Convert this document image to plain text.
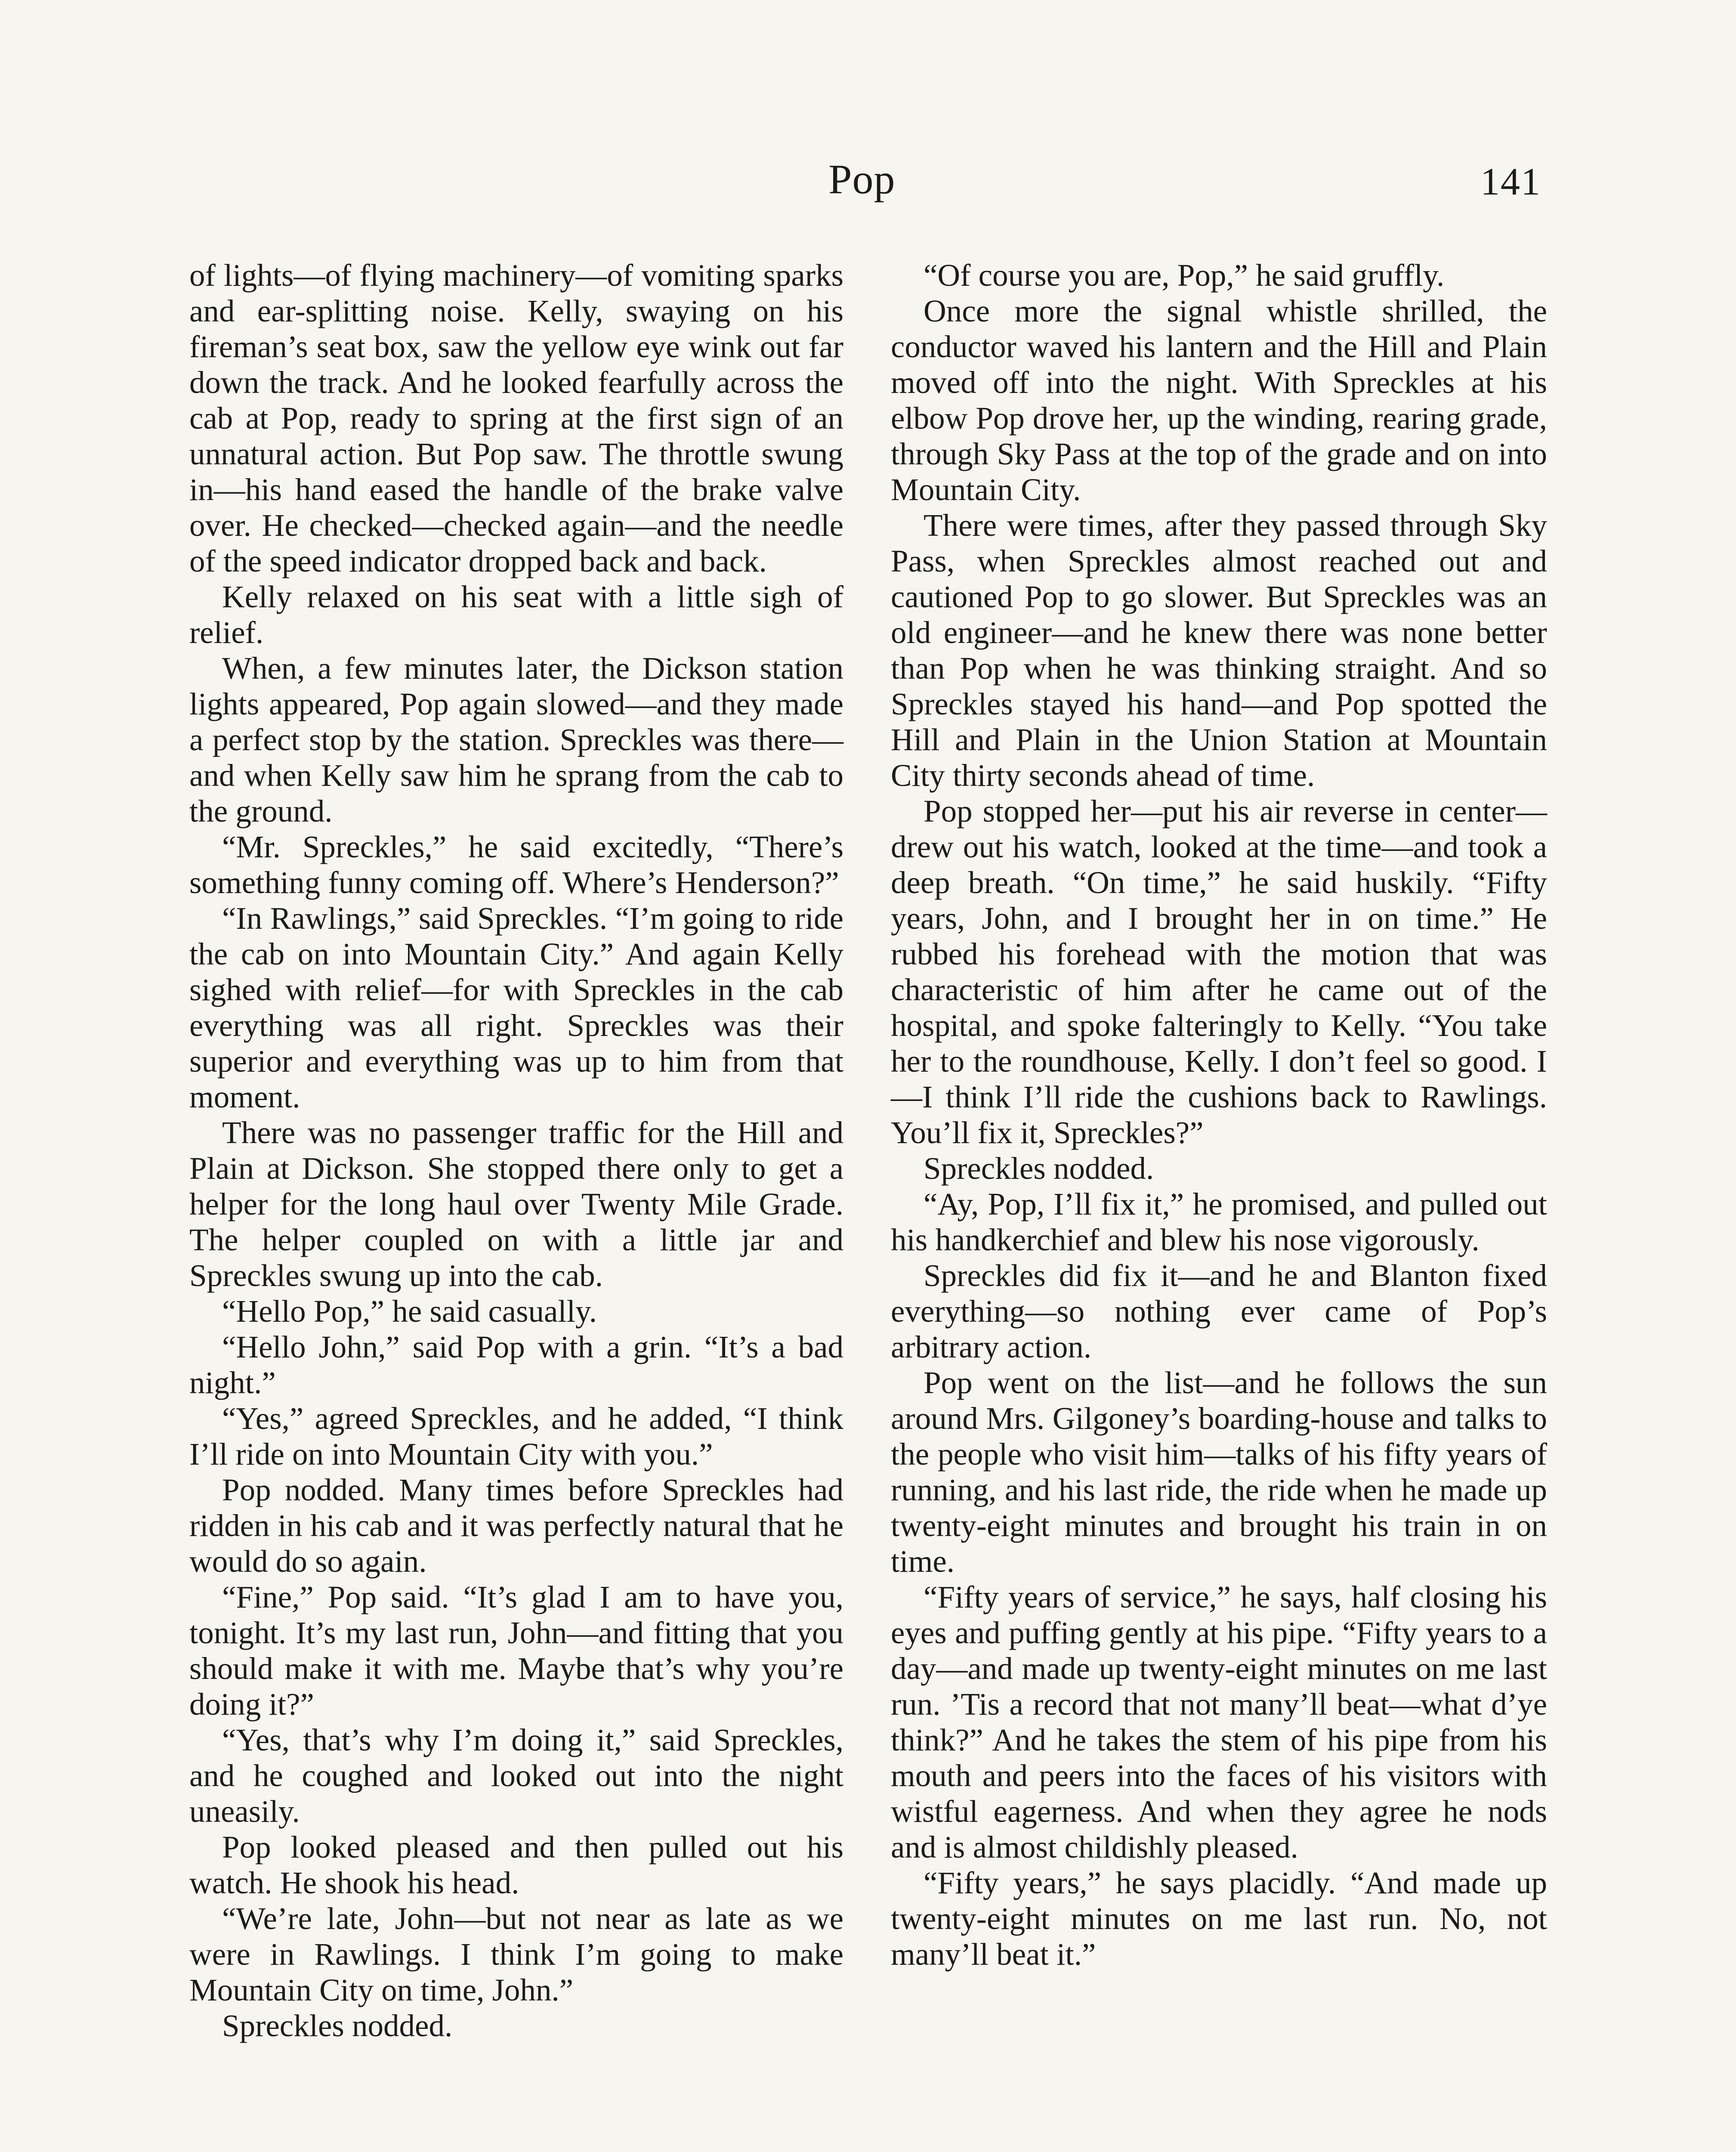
Pop	141

of lights—of flying machinery—of vomiting sparks and ear-splitting noise. Kelly, swaying on his fireman’s seat box, saw the yellow eye wink out far down the track. And he looked fearfully across the cab at Pop, ready to spring at the first sign of an unnatural action. But Pop saw. The throttle swung in—his hand eased the handle of the brake valve over. He checked—checked again—and the needle of the speed indicator dropped back and back.

Kelly relaxed on his seat with a little sigh of relief.

When, a few minutes later, the Dickson station lights appeared, Pop again slowed—and they made a perfect stop by the station. Spreckles was there—and when Kelly saw him he sprang from the cab to the ground.

“Mr. Spreckles,” he said excitedly, “There’s something funny coming off. Where’s Henderson?”

“In Rawlings,” said Spreckles. “I’m going to ride the cab on into Mountain City.” And again Kelly sighed with relief—for with Spreckles in the cab everything was all right. Spreckles was their superior and everything was up to him from that moment.

There was no passenger traffic for the Hill and Plain at Dickson. She stopped there only to get a helper for the long haul over Twenty Mile Grade. The helper coupled on with a little jar and Spreckles swung up into the cab.

“Hello Pop,” he said casually.

“Hello John,” said Pop with a grin. “It’s a bad night.”

“Yes,” agreed Spreckles, and he added, “I think I’ll ride on into Mountain City with you.”

Pop nodded. Many times before Spreckles had ridden in his cab and it was perfectly natural that he would do so again.

“Fine,” Pop said. “It’s glad I am to have you, tonight. It’s my last run, John—and fitting that you should make it with me. Maybe that’s why you’re doing it?”

“Yes, that’s why I’m doing it,” said Spreckles, and he coughed and looked out into the night uneasily.

Pop looked pleased and then pulled out his watch. He shook his head.

“We’re late, John—but not near as late as we were in Rawlings. I think I’m going to make Mountain City on time, John.”

Spreckles nodded.

“Of course you are, Pop,” he said gruffly.

Once more the signal whistle shrilled, the conductor waved his lantern and the Hill and Plain moved off into the night. With Spreckles at his elbow Pop drove her, up the winding, rearing grade, through Sky Pass at the top of the grade and on into Mountain City.

There were times, after they passed through Sky Pass, when Spreckles almost reached out and cautioned Pop to go slower. But Spreckles was an old engineer—and he knew there was none better than Pop when he was thinking straight. And so Spreckles stayed his hand—and Pop spotted the Hill and Plain in the Union Station at Mountain City thirty seconds ahead of time.

Pop stopped her—put his air reverse in center—drew out his watch, looked at the time—and took a deep breath. “On time,” he said huskily. “Fifty years, John, and I brought her in on time.” He rubbed his forehead with the motion that was characteristic of him after he came out of the hospital, and spoke falteringly to Kelly. “You take her to the roundhouse, Kelly. I don’t feel so good. I—I think I’ll ride the cushions back to Rawlings. You’ll fix it, Spreckles?”

Spreckles nodded.

“Ay, Pop, I’ll fix it,” he promised, and pulled out his handkerchief and blew his nose vigorously.

Spreckles did fix it—and he and Blanton fixed everything—so nothing ever came of Pop’s arbitrary action.

Pop went on the list—and he follows the sun around Mrs. Gilgoney’s boarding-house and talks to the people who visit him—talks of his fifty years of running, and his last ride, the ride when he made up twenty-eight minutes and brought his train in on time.

“Fifty years of service,” he says, half closing his eyes and puffing gently at his pipe. “Fifty years to a day—and made up twenty-eight minutes on me last run. ’Tis a record that not many’ll beat—what d’ye think?” And he takes the stem of his pipe from his mouth and peers into the faces of his visitors with wistful eagerness. And when they agree he nods and is almost childishly pleased.

“Fifty years,” he says placidly. “And made up twenty-eight minutes on me last run. No, not many’ll beat it.”
